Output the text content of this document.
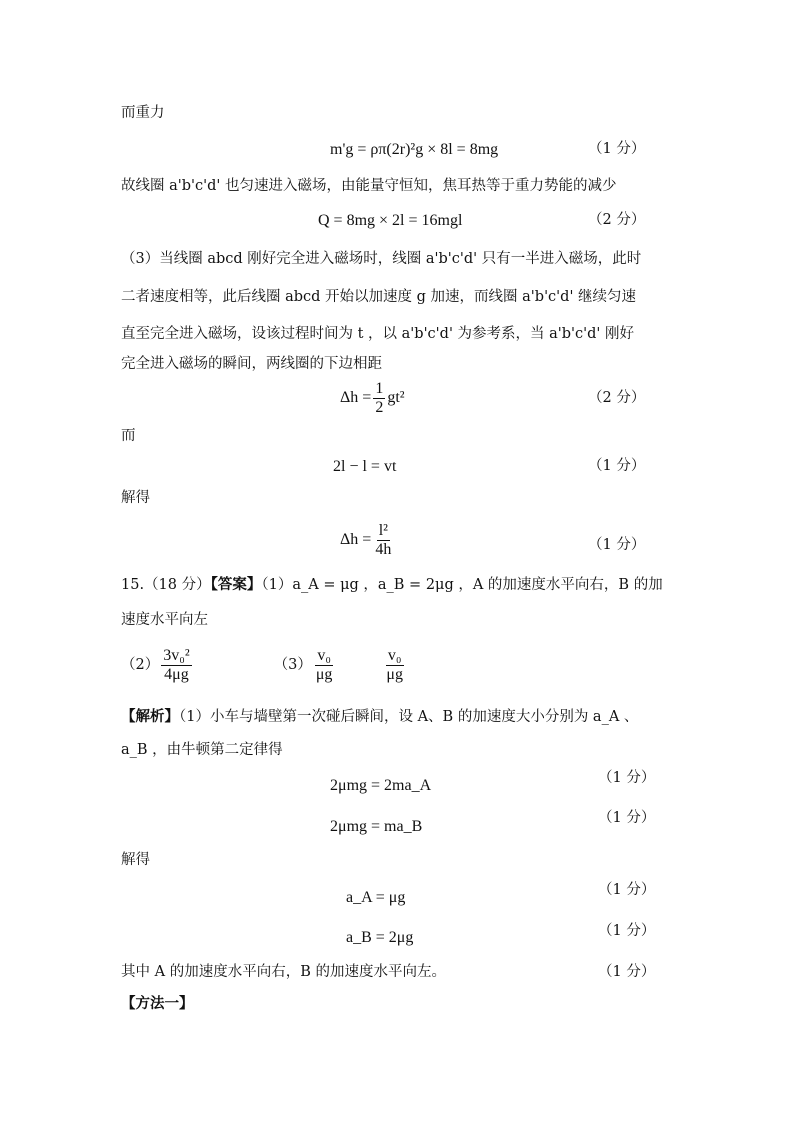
而重力
m'g = ρπ(2r)²g × 8l = 8mg	（1 分）
故线圈 a'b'c'd' 也匀速进入磁场，由能量守恒知，焦耳热等于重力势能的减少
Q = 8mg × 2l = 16mgl	（2 分）
（3）当线圈 abcd 刚好完全进入磁场时，线圈 a'b'c'd' 只有一半进入磁场，此时
二者速度相等，此后线圈 abcd 开始以加速度 g 加速，而线圈 a'b'c'd' 继续匀速
直至完全进入磁场，设该过程时间为 t ，以 a'b'c'd' 为参考系，当 a'b'c'd' 刚好
完全进入磁场的瞬间，两线圈的下边相距
$\Delta h = \frac{1}{2} gt^2$	（2 分）
而
2l − l = vt	（1 分）
解得
$\Delta h = \frac{\text{l²}}{4h}$	（1 分）
15.（18 分）【答案】（1）a_A = μg ，a_B = 2μg ，A 的加速度水平向右，B 的加
速度水平向左
$(2) \frac{\text{3v₀²}}{4\mu g}$	$(3) \frac{\text{v₀}}{\mu g}$	$\frac{\text{v₀}}{\mu g}$
【解析】（1）小车与墙壁第一次碰后瞬间，设 A、B 的加速度大小分别为 a_A 、
a_B ，由牛顿第二定律得
2μmg = 2ma_A	（1 分）
2μmg = ma_B	（1 分）
解得
a_A = μg	（1 分）
a_B = 2μg	（1 分）
其中 A 的加速度水平向右，B 的加速度水平向左。	（1 分）
【方法一】
